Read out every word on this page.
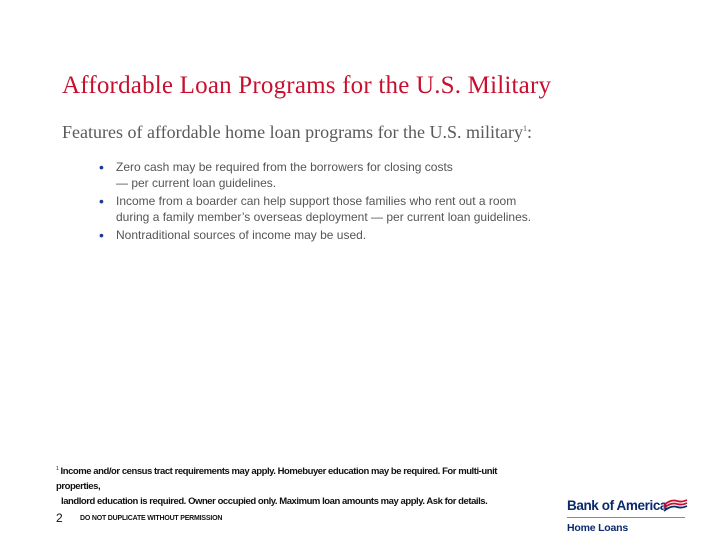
Affordable Loan Programs for the U.S. Military

Features of affordable home loan programs for the U.S. military$^1$:

• Zero cash may be required from the borrowers for closing costs
— per current loan guidelines.
• Income from a boarder can help support those families who rent out a room
during a family member’s overseas deployment — per current loan guidelines.
• Nontraditional sources of income may be used.
$^1$ Income and/or census tract requirements may apply. Homebuyer education may be required. For multi-unit
properties,
landlord education is required. Owner occupied only. Maximum loan amounts may apply. Ask for details.
2 DO NOT DUPLICATE WITHOUT PERMISSION
Bank of America
Home Loans
